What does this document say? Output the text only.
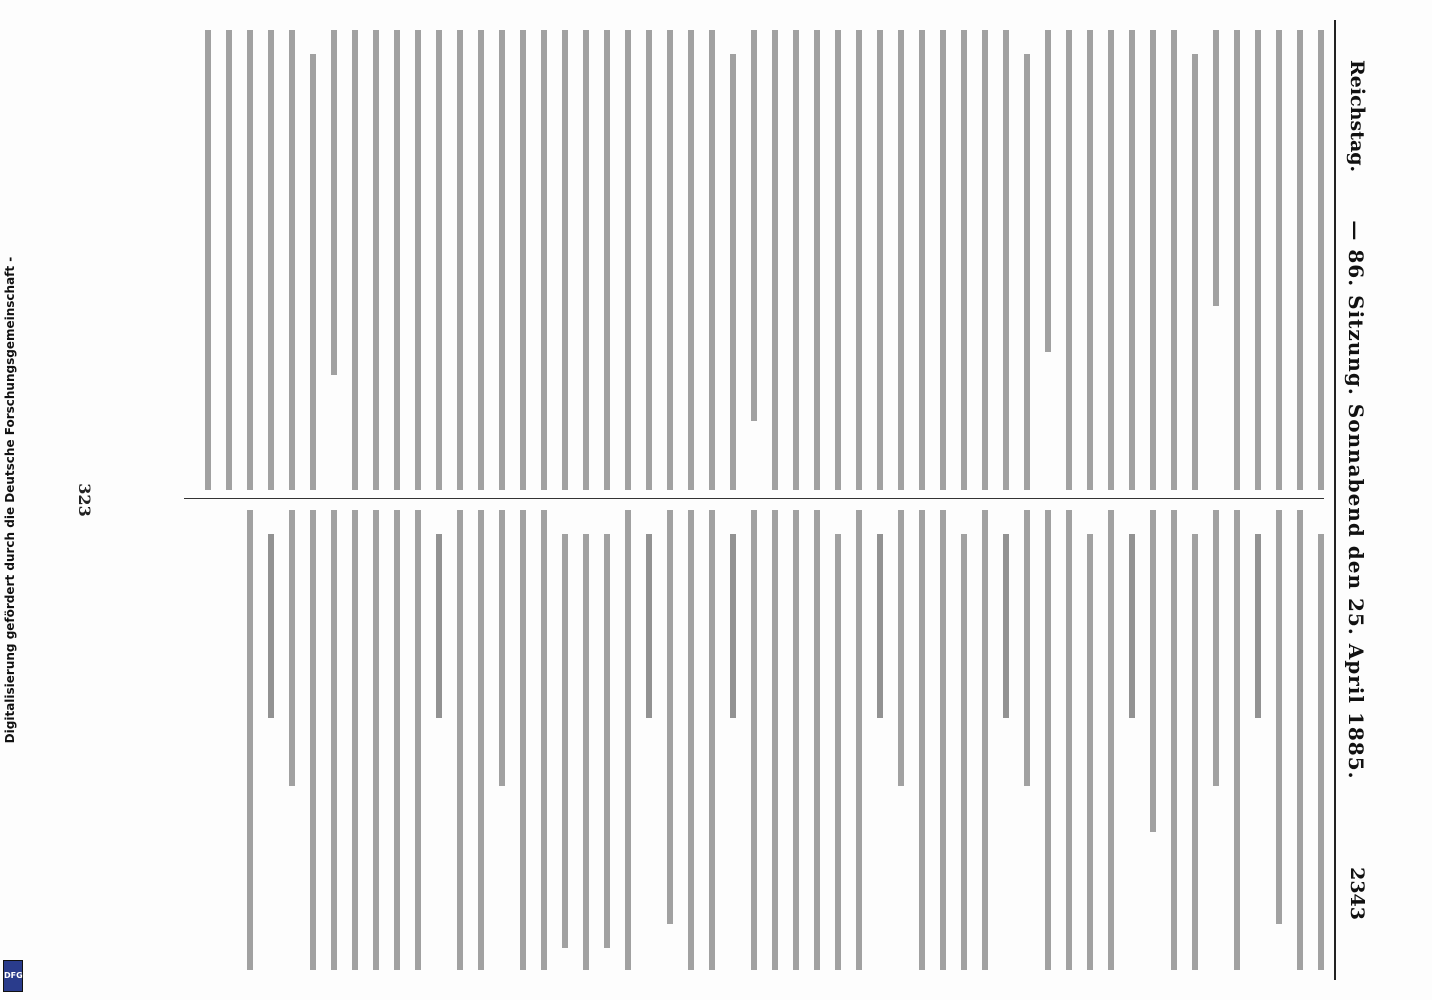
Reichstag.
— 86. Sitzung. Sonnabend den 25. April 1885.
2343
323
Digitalisierung gefördert durch die Deutsche Forschungsgemeinschaft -
DFG
